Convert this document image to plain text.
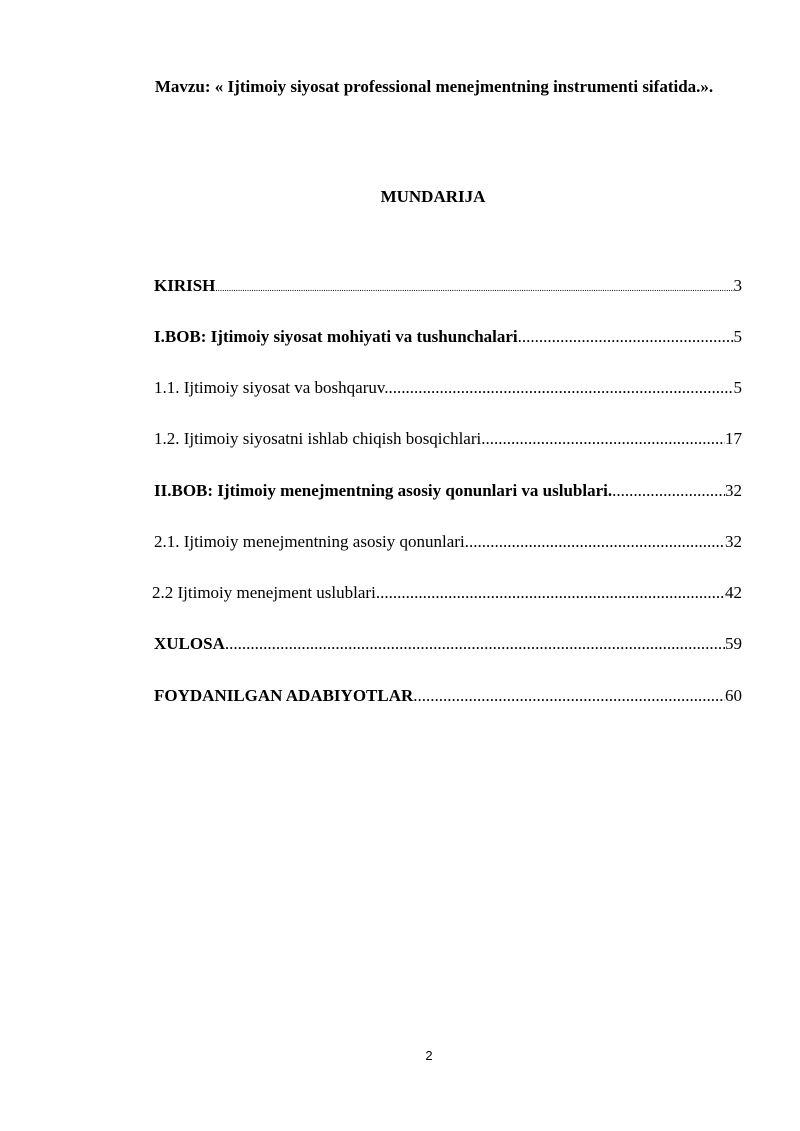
Mavzu: « Ijtimoiy siyosat professional menejmentning instrumenti sifatida.».
MUNDARIJA
KIRISH .....	3
I.BOB: Ijtimoiy siyosat mohiyati va tushunchalari .....	5
1.1. Ijtimoiy siyosat va boshqaruv. .....	5
1.2. Ijtimoiy siyosatni ishlab chiqish bosqichlari. .....	17
II.BOB: Ijtimoiy menejmentning asosiy qonunlari va uslublari. .....	32
2.1. Ijtimoiy menejmentning asosiy qonunlari. .....	32
2.2 Ijtimoiy menejment uslublari .....	42
XULOSA .....	59
FOYDANILGAN ADABIYOTLAR .....	60
2
